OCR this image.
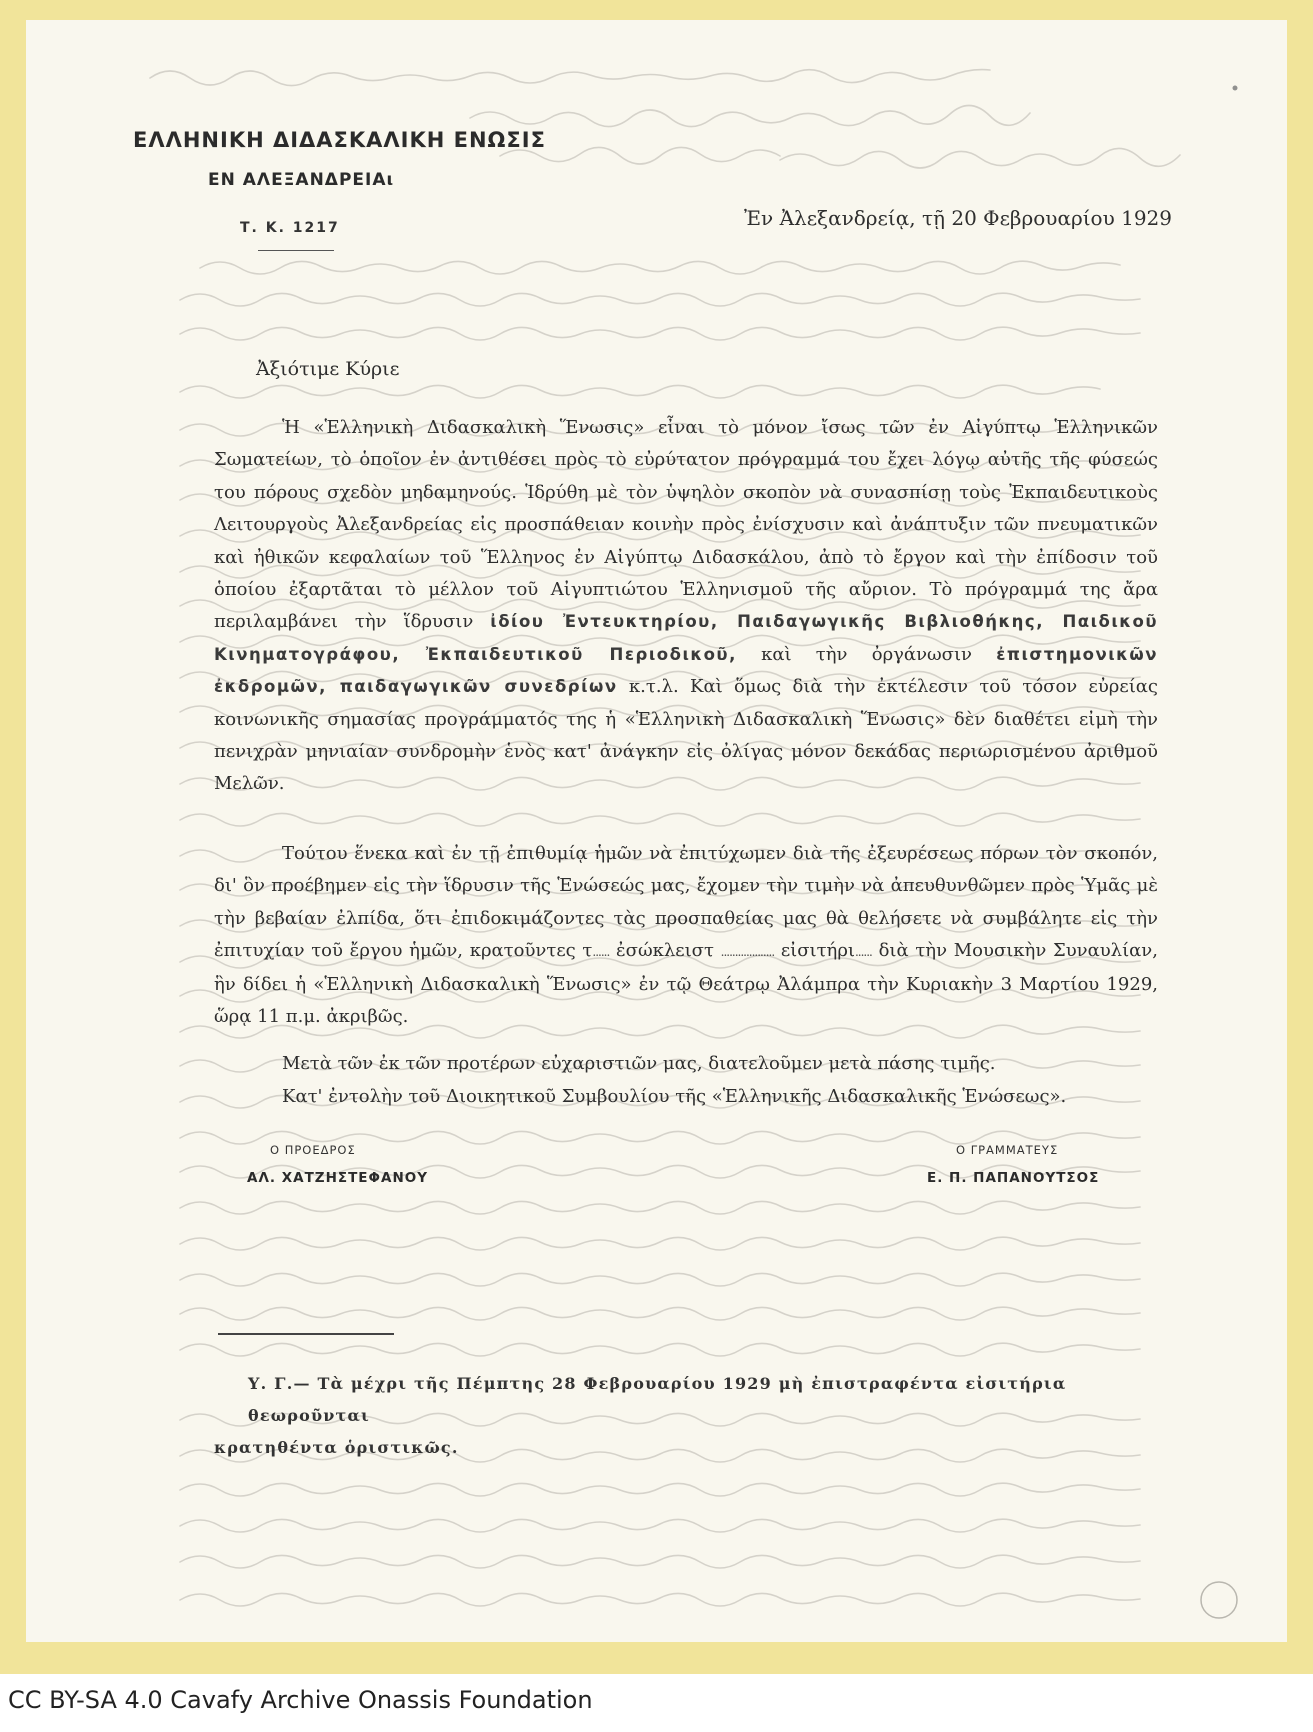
ΕΛΛΗΝΙΚΗ ΔΙΔΑΣΚΑΛΙΚΗ ΕΝΩΣΙΣ
ΕΝ ΑΛΕΞΑΝΔΡΕΙΑι
Τ. Κ. 1217	Ἐν Ἀλεξανδρείᾳ, τῇ 20 Φεβρουαρίου 1929
Ἀξιότιμε Κύριε
Ἡ «Ἑλληνικὴ Διδασκαλικὴ Ἕνωσις» εἶναι τὸ μόνον ἴσως τῶν ἐν Αἰγύπτῳ Ἑλληνικῶν Σωματείων, τὸ ὁποῖον ἐν ἀντιθέσει πρὸς τὸ εὐρύτατον πρόγραμμά του ἔχει λόγῳ αὐτῆς τῆς φύσεώς του πόρους σχεδὸν μηδαμηνούς. Ἱδρύθη μὲ τὸν ὑψηλὸν σκοπὸν νὰ συνασπίσῃ τοὺς Ἐκπαιδευτικοὺς Λειτουργοὺς Ἀλεξανδρείας εἰς προσπάθειαν κοινὴν πρὸς ἐνίσχυσιν καὶ ἀνάπτυξιν τῶν πνευματικῶν καὶ ἠθικῶν κεφαλαίων τοῦ Ἕλληνος ἐν Αἰγύπτῳ Διδασκάλου, ἀπὸ τὸ ἔργον καὶ τὴν ἐπίδοσιν τοῦ ὁποίου ἐξαρτᾶται τὸ μέλλον τοῦ Αἰγυπτιώτου Ἑλληνισμοῦ τῆς αὔριον. Τὸ πρόγραμμά της ἄρα περιλαμβάνει τὴν ἵδρυσιν ἰδίου Ἐντευκτηρίου, Παιδαγωγικῆς Βιβλιοθήκης, Παιδικοῦ Κινηματογράφου, Ἐκπαιδευτικοῦ Περιοδικοῦ, καὶ τὴν ὀργάνωσιν ἐπιστημονικῶν ἐκδρομῶν, παιδαγωγικῶν συνεδρίων κ.τ.λ. Καὶ ὅμως διὰ τὴν ἐκτέλεσιν τοῦ τόσον εὐρείας κοινωνικῆς σημασίας προγράμματός της ἡ «Ἑλληνικὴ Διδασκαλικὴ Ἕνωσις» δὲν διαθέτει εἰμὴ τὴν πενιχρὰν μηνιαίαν συνδρομὴν ἑνὸς κατ' ἀνάγκην εἰς ὀλίγας μόνον δεκάδας περιωρισμένου ἀριθμοῦ Μελῶν.
Τούτου ἕνεκα καὶ ἐν τῇ ἐπιθυμίᾳ ἡμῶν νὰ ἐπιτύχωμεν διὰ τῆς ἐξευρέσεως πόρων τὸν σκοπόν, δι' ὃν προέβημεν εἰς τὴν ἵδρυσιν τῆς Ἑνώσεώς μας, ἔχομεν τὴν τιμὴν νὰ ἀπευθυνθῶμεν πρὸς Ὑμᾶς μὲ τὴν βεβαίαν ἐλπίδα, ὅτι ἐπιδοκιμάζοντες τὰς προσπαθείας μας θὰ θελήσετε νὰ συμβάλητε εἰς τὴν ἐπιτυχίαν τοῦ ἔργου ἡμῶν, κρατοῦντες τ...... ἐσώκλειστ ................... εἰσιτήρι...... διὰ τὴν Μουσικὴν Συναυλίαν, ἣν δίδει ἡ «Ἑλληνικὴ Διδασκαλικὴ Ἕνωσις» ἐν τῷ Θεάτρῳ Ἀλάμπρα τὴν Κυριακὴν 3 Μαρτίου 1929, ὥρᾳ 11 π.μ. ἀκριβῶς.
Μετὰ τῶν ἐκ τῶν προτέρων εὐχαριστιῶν μας, διατελοῦμεν μετὰ πάσης τιμῆς.
Κατ' ἐντολὴν τοῦ Διοικητικοῦ Συμβουλίου τῆς «Ἑλληνικῆς Διδασκαλικῆς Ἑνώσεως».
Ο ΠΡΟΕΔΡΟΣ
ΑΛ. ΧΑΤΖΗΣΤΕΦΑΝΟΥ
Ο ΓΡΑΜΜΑΤΕΥΣ
Ε. Π. ΠΑΠΑΝΟΥΤΣΟΣ
Υ. Γ.— Τὰ μέχρι τῆς Πέμπτης 28 Φεβρουαρίου 1929 μὴ ἐπιστραφέντα εἰσιτήρια θεωροῦνται
κρατηθέντα ὁριστικῶς.
CC BY-SA 4.0 Cavafy Archive Onassis Foundation
